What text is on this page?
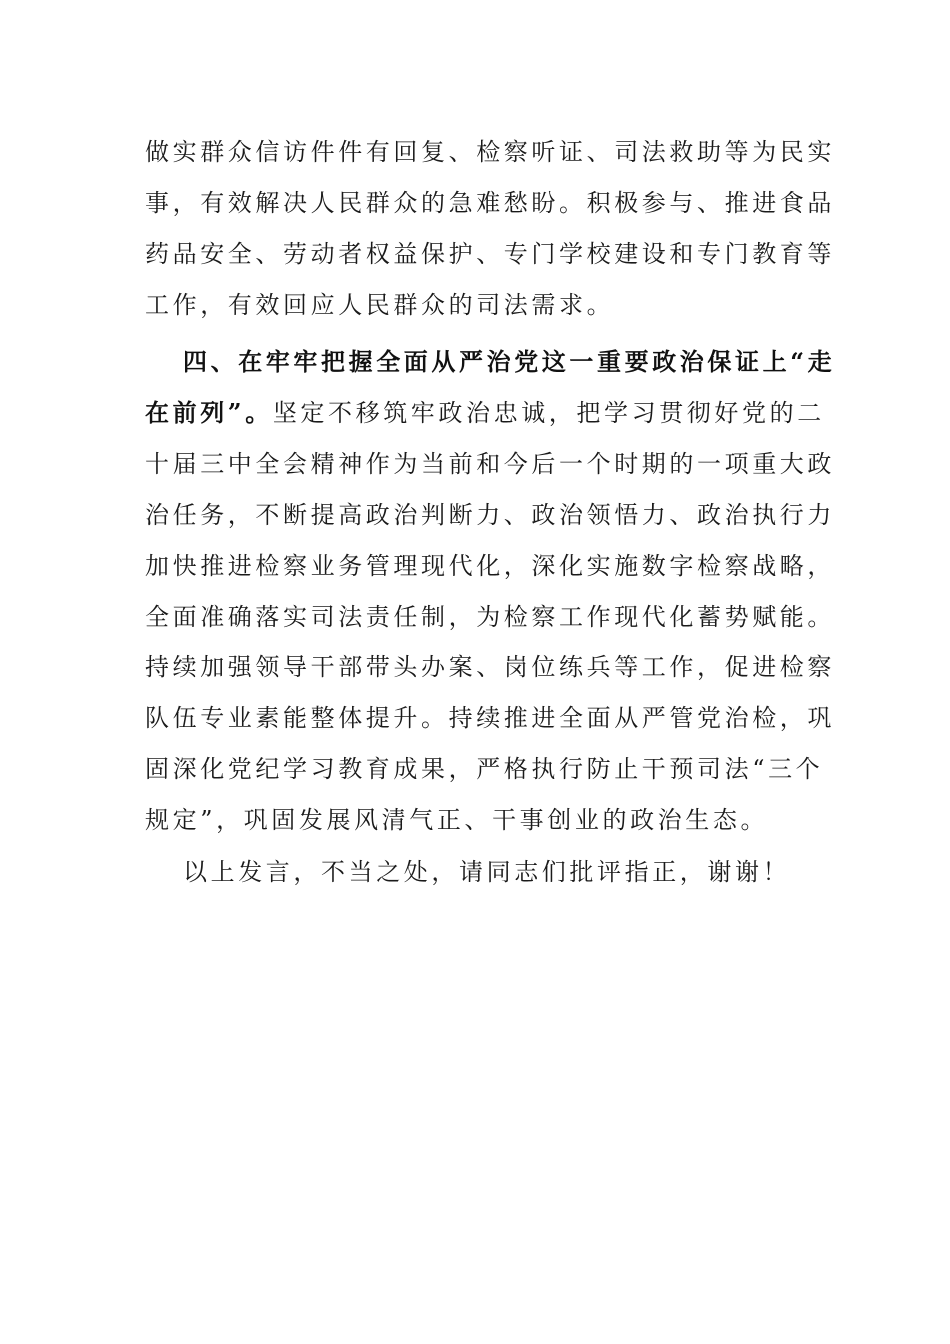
做实群众信访件件有回复、检察听证、司法救助等为民实
事，有效解决人民群众的急难愁盼。积极参与、推进食品
药品安全、劳动者权益保护、专门学校建设和专门教育等
工作，有效回应人民群众的司法需求。
四、在牢牢把握全面从严治党这一重要政治保证上“走
在前列”。坚定不移筑牢政治忠诚，把学习贯彻好党的二
十届三中全会精神作为当前和今后一个时期的一项重大政
治任务，不断提高政治判断力、政治领悟力、政治执行力
加快推进检察业务管理现代化，深化实施数字检察战略，
全面准确落实司法责任制，为检察工作现代化蓄势赋能。
持续加强领导干部带头办案、岗位练兵等工作，促进检察
队伍专业素能整体提升。持续推进全面从严管党治检，巩
固深化党纪学习教育成果，严格执行防止干预司法“三个
规定”，巩固发展风清气正、干事创业的政治生态。
以上发言，不当之处，请同志们批评指正，谢谢！
